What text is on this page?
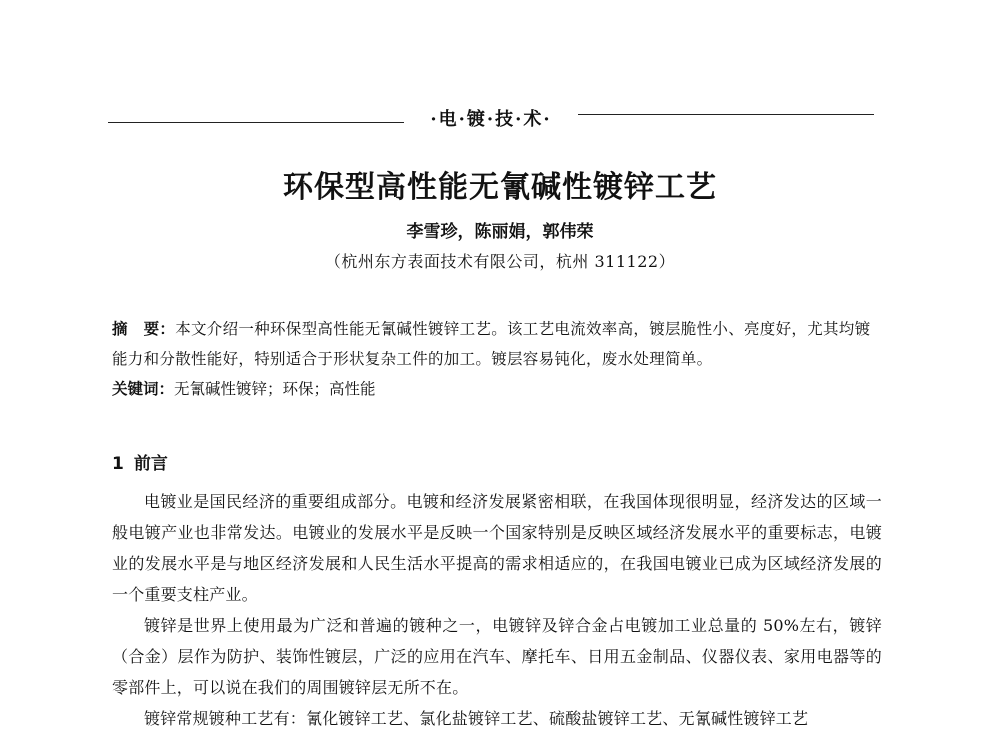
·电·镀·技·术·
环保型高性能无氰碱性镀锌工艺
李雪珍，陈丽娟，郭伟荣
（杭州东方表面技术有限公司，杭州 311122）
摘　要：本文介绍一种环保型高性能无氰碱性镀锌工艺。该工艺电流效率高，镀层脆性小、亮度好，尤其均镀能力和分散性能好，特别适合于形状复杂工件的加工。镀层容易钝化，废水处理简单。
关键词：无氰碱性镀锌；环保；高性能
1 前言

电镀业是国民经济的重要组成部分。电镀和经济发展紧密相联，在我国体现很明显，经济发达的区域一般电镀产业也非常发达。电镀业的发展水平是反映一个国家特别是反映区域经济发展水平的重要标志，电镀业的发展水平是与地区经济发展和人民生活水平提高的需求相适应的，在我国电镀业已成为区域经济发展的一个重要支柱产业。

镀锌是世界上使用最为广泛和普遍的镀种之一，电镀锌及锌合金占电镀加工业总量的 50%左右，镀锌（合金）层作为防护、装饰性镀层，广泛的应用在汽车、摩托车、日用五金制品、仪器仪表、家用电器等的零部件上，可以说在我们的周围镀锌层无所不在。

镀锌常规镀种工艺有：氰化镀锌工艺、氯化盐镀锌工艺、硫酸盐镀锌工艺、无氰碱性镀锌工艺
